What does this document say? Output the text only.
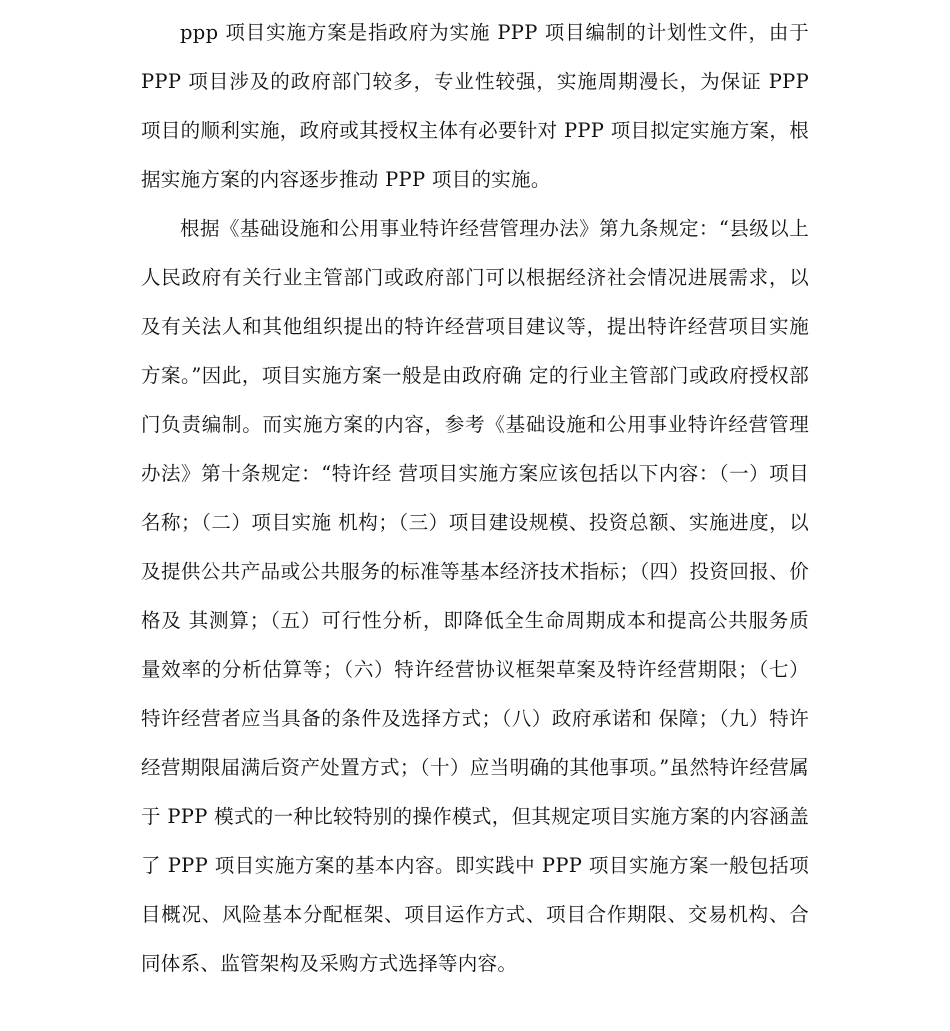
ppp 项目实施方案是指政府为实施 PPP 项目编制的计划性文件，由于 PPP 项目涉及的政府部门较多，专业性较强，实施周期漫长，为保证 PPP 项目的顺利实施，政府或其授权主体有必要针对 PPP 项目拟定实施方案，根据实施方案的内容逐步推动 PPP 项目的实施。

根据《基础设施和公用事业特许经营管理办法》第九条规定：“县级以上人民政府有关行业主管部门或政府部门可以根据经济社会情况进展需求，以及有关法人和其他组织提出的特许经营项目建议等，提出特许经营项目实施方案。”因此，项目实施方案一般是由政府确 定的行业主管部门或政府授权部门负责编制。而实施方案的内容，参考《基础设施和公用事业特许经营管理办法》第十条规定：“特许经 营项目实施方案应该包括以下内容：（一）项目名称；（二）项目实施 机构；（三）项目建设规模、投资总额、实施进度，以及提供公共产品或公共服务的标准等基本经济技术指标；（四）投资回报、价格及 其测算；（五）可行性分析，即降低全生命周期成本和提高公共服务质量效率的分析估算等；（六）特许经营协议框架草案及特许经营期限；（七）特许经营者应当具备的条件及选择方式；（八）政府承诺和 保障；（九）特许经营期限届满后资产处置方式；（十）应当明确的其他事项。”虽然特许经营属于 PPP 模式的一种比较特别的操作模式，但其规定项目实施方案的内容涵盖了 PPP 项目实施方案的基本内容。即实践中 PPP 项目实施方案一般包括项目概况、风险基本分配框架、项目运作方式、项目合作期限、交易机构、合同体系、监管架构及采购方式选择等内容。
